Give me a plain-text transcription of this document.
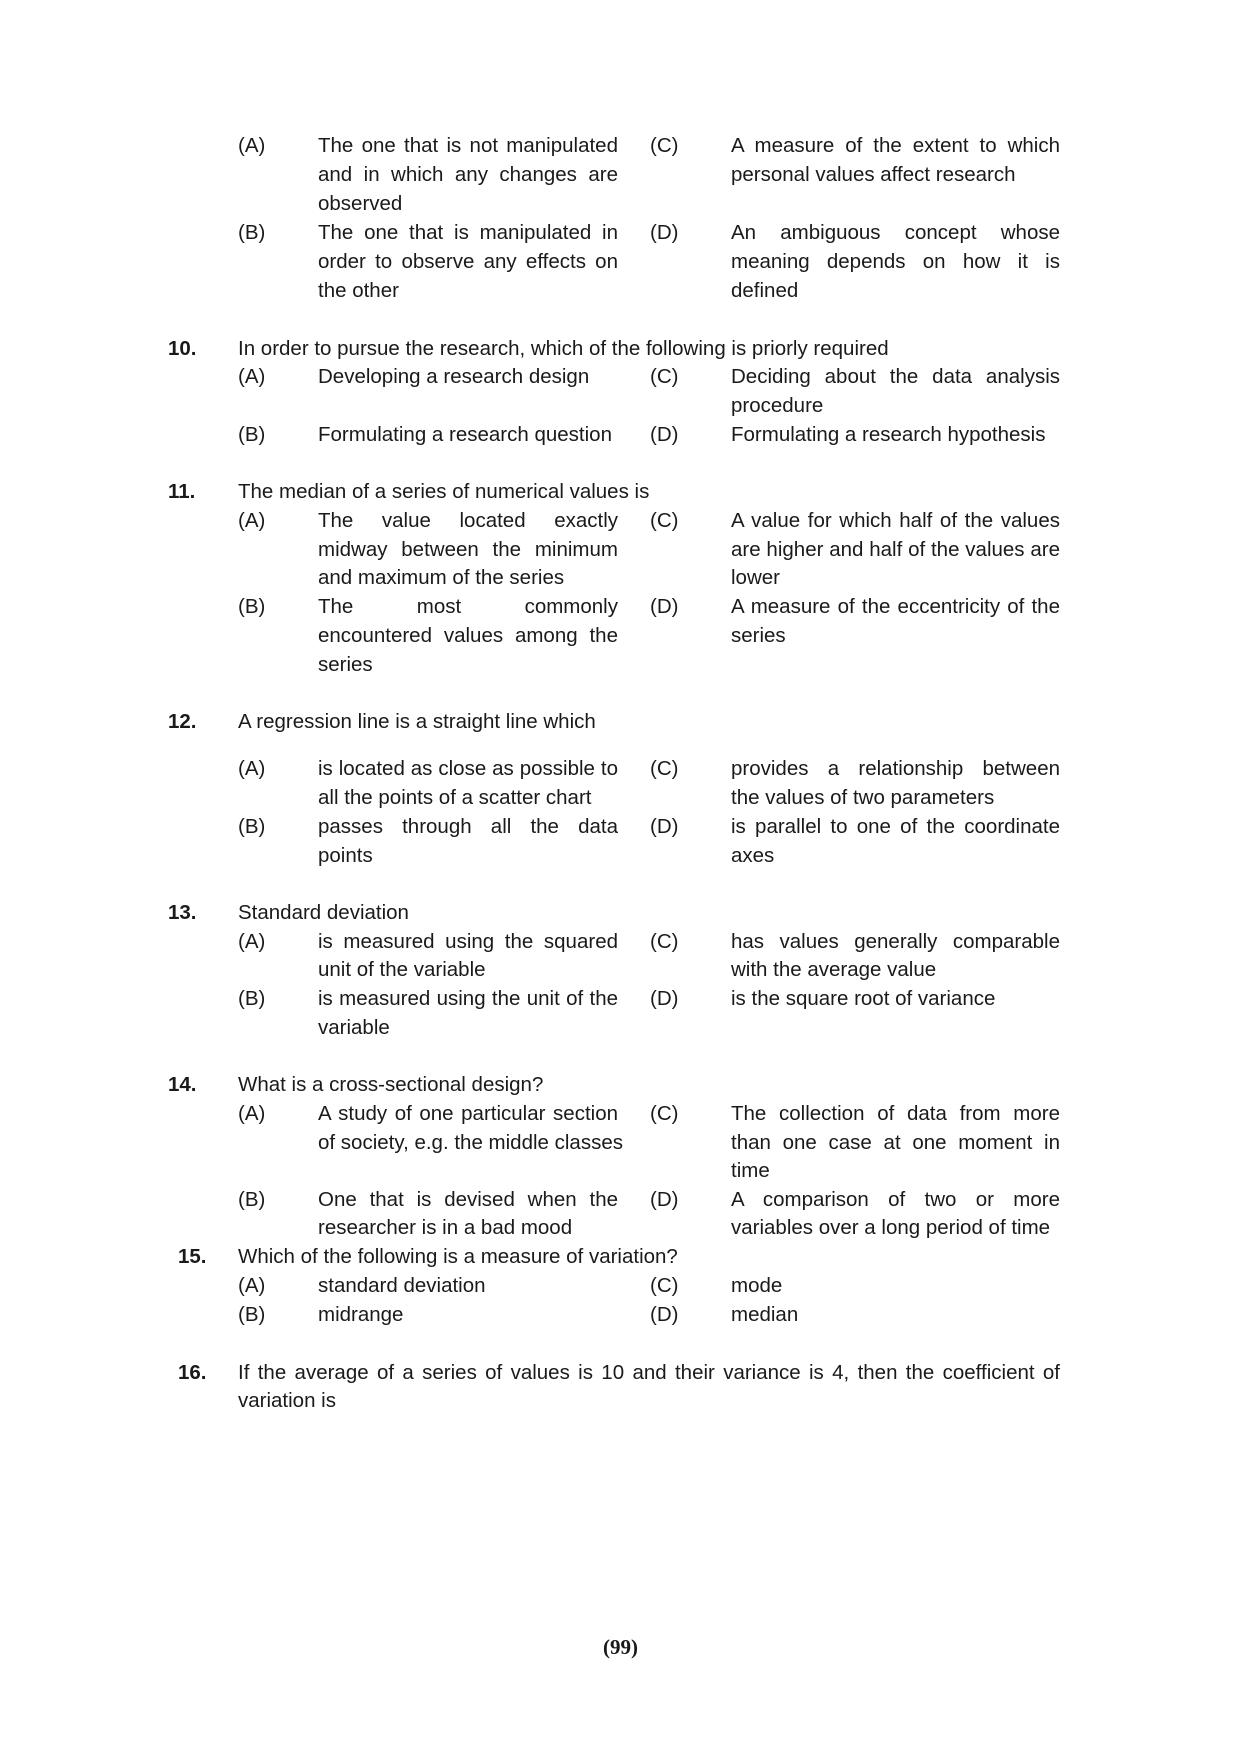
(A)	The one that is not manipulated (C)	A measure of the extent to which
and in which any changes are	personal values affect research
observed
(B)	The one that is manipulated in (D)	An ambiguous concept whose
order to observe any effects on	meaning depends on how it is
the other	defined
10. In order to pursue the research, which of the following is priorly required
(A)	Developing a research design	(C)	Deciding about the data analysis
procedure
(B)	Formulating a research question (D)	Formulating a research hypothesis
11. The median of a series of numerical values is
(A)	The value located exactly (C)	A value for which half of the values
midway between the minimum	are higher and half of the values are
and maximum of the series	lower
(B)	The most commonly (D)	A measure of the eccentricity of the
encountered values among the	series
series
12. A regression line is a straight line which
(A)	is located as close as possible to (C)	provides a relationship between
all the points of a scatter chart	the values of two parameters
(B)	passes through all the data (D)	is parallel to one of the coordinate
points	axes
13. Standard deviation
(A)	is measured using the squared (C)	has values generally comparable
unit of the variable	with the average value
(B)	is measured using the unit of the (D)	is the square root of variance
variable
14. What is a cross-sectional design?
(A)	A study of one particular section (C)	The collection of data from more
of society, e.g. the middle classes	than one case at one moment in
time
(B)	One that is devised when the (D)	A comparison of two or more
researcher is in a bad mood	variables over a long period of time
15. Which of the following is a measure of variation?
(A)	standard deviation	(C)	mode
(B)	midrange	(D)	median
16. If the average of a series of values is 10 and their variance is 4, then the coefficient of
variation is
(99)
